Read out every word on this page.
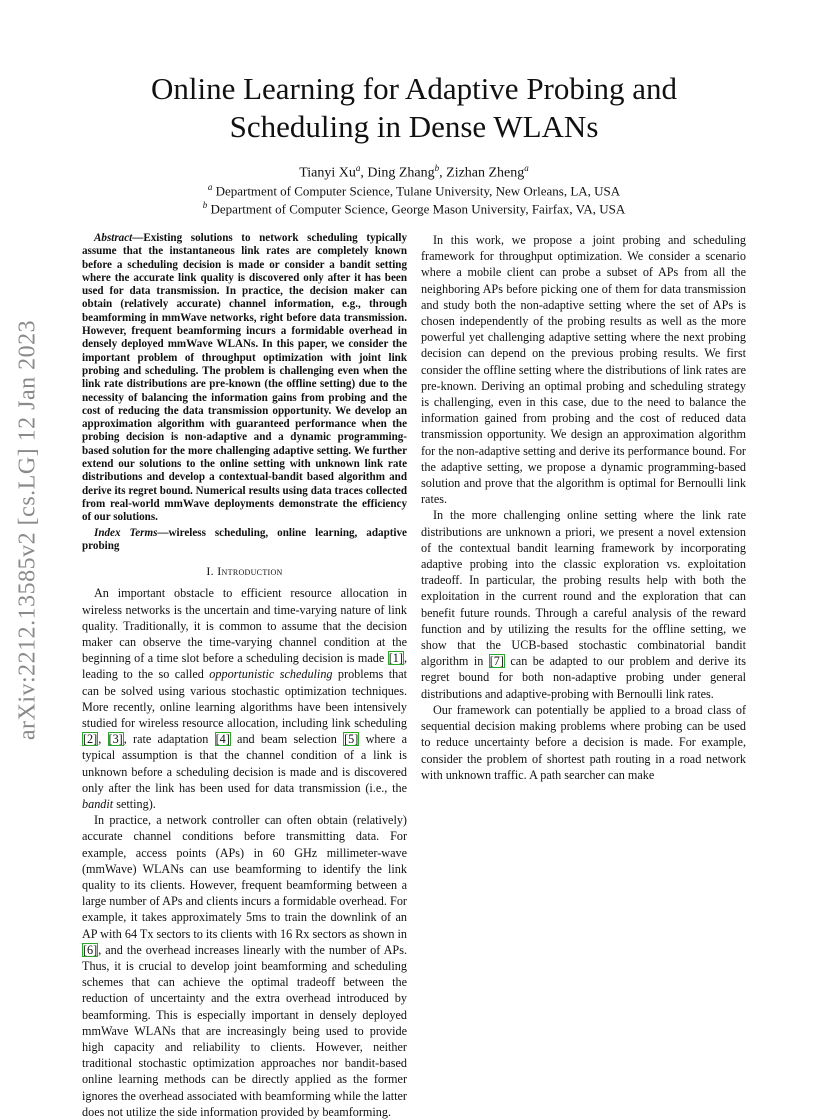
arXiv:2212.13585v2 [cs.LG] 12 Jan 2023
Online Learning for Adaptive Probing and
Scheduling in Dense WLANs
Tianyi Xu$^a$, Ding Zhang$^b$, Zizhan Zheng$^a$
$^a$ Department of Computer Science, Tulane University, New Orleans, LA, USA
$^b$ Department of Computer Science, George Mason University, Fairfax, VA, USA

Abstract—Existing solutions to network scheduling typically assume that the instantaneous link rates are completely known before a scheduling decision is made or consider a bandit setting where the accurate link quality is discovered only after it has been used for data transmission. In practice, the decision maker can obtain (relatively accurate) channel information, e.g., through beamforming in mmWave networks, right before data transmission. However, frequent beamforming incurs a formidable overhead in densely deployed mmWave WLANs. In this paper, we consider the important problem of throughput optimization with joint link probing and scheduling. The problem is challenging even when the link rate distributions are pre-known (the offline setting) due to the necessity of balancing the information gains from probing and the cost of reducing the data transmission opportunity. We develop an approximation algorithm with guaranteed performance when the probing decision is non-adaptive and a dynamic programming-based solution for the more challenging adaptive setting. We further extend our solutions to the online setting with unknown link rate distributions and develop a contextual-bandit based algorithm and derive its regret bound. Numerical results using data traces collected from real-world mmWave deployments demonstrate the efficiency of our solutions.

Index Terms—wireless scheduling, online learning, adaptive probing

I. Introduction

An important obstacle to efficient resource allocation in wireless networks is the uncertain and time-varying nature of link quality. Traditionally, it is common to assume that the decision maker can observe the time-varying channel condition at the beginning of a time slot before a scheduling decision is made [1], leading to the so called opportunistic scheduling problems that can be solved using various stochastic optimization techniques. More recently, online learning algorithms have been intensively studied for wireless resource allocation, including link scheduling [2], [3], rate adaptation [4] and beam selection [5] where a typical assumption is that the channel condition of a link is unknown before a scheduling decision is made and is discovered only after the link has been used for data transmission (i.e., the bandit setting).

In practice, a network controller can often obtain (relatively) accurate channel conditions before transmitting data. For example, access points (APs) in 60 GHz millimeter-wave (mmWave) WLANs can use beamforming to identify the link quality to its clients. However, frequent beamforming between a large number of APs and clients incurs a formidable overhead. For example, it takes approximately 5ms to train the downlink of an AP with 64 Tx sectors to its clients with 16 Rx sectors as shown in [6], and the overhead increases linearly with the number of APs. Thus, it is crucial to develop joint beamforming and scheduling schemes that can achieve the optimal tradeoff between the reduction of uncertainty and the extra overhead introduced by beamforming. This is especially important in densely deployed mmWave WLANs that are increasingly being used to provide high capacity and reliability to clients. However, neither traditional stochastic optimization approaches nor bandit-based online learning methods can be directly applied as the former ignores the overhead associated with beamforming while the latter does not utilize the side information provided by beamforming.

In this work, we propose a joint probing and scheduling framework for throughput optimization. We consider a scenario where a mobile client can probe a subset of APs from all the neighboring APs before picking one of them for data transmission and study both the non-adaptive setting where the set of APs is chosen independently of the probing results as well as the more powerful yet challenging adaptive setting where the next probing decision can depend on the previous probing results. We first consider the offline setting where the distributions of link rates are pre-known. Deriving an optimal probing and scheduling strategy is challenging, even in this case, due to the need to balance the information gained from probing and the cost of reduced data transmission opportunity. We design an approximation algorithm for the non-adaptive setting and derive its performance bound. For the adaptive setting, we propose a dynamic programming-based solution and prove that the algorithm is optimal for Bernoulli link rates.

In the more challenging online setting where the link rate distributions are unknown a priori, we present a novel extension of the contextual bandit learning framework by incorporating adaptive probing into the classic exploration vs. exploitation tradeoff. In particular, the probing results help with both the exploitation in the current round and the exploration that can benefit future rounds. Through a careful analysis of the reward function and by utilizing the results for the offline setting, we show that the UCB-based stochastic combinatorial bandit algorithm in [7] can be adapted to our problem and derive its regret bound for both non-adaptive probing under general distributions and adaptive-probing with Bernoulli link rates.

Our framework can potentially be applied to a broad class of sequential decision making problems where probing can be used to reduce uncertainty before a decision is made. For example, consider the problem of shortest path routing in a road network with unknown traffic. A path searcher can make
